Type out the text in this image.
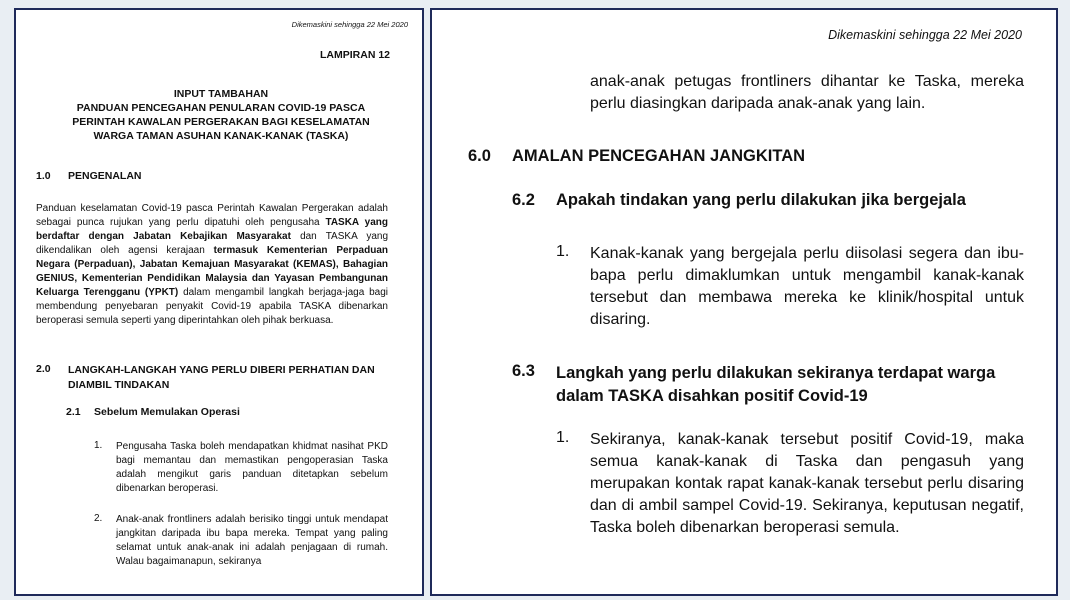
Dikemaskini sehingga 22 Mei 2020

LAMPIRAN 12

INPUT TAMBAHAN
PANDUAN PENCEGAHAN PENULARAN COVID-19 PASCA
PERINTAH KAWALAN PERGERAKAN BAGI KESELAMATAN
WARGA TAMAN ASUHAN KANAK-KANAK (TASKA)

1.0 PENGENALAN

Panduan keselamatan Covid-19 pasca Perintah Kawalan Pergerakan adalah sebagai punca rujukan yang perlu dipatuhi oleh pengusaha TASKA yang berdaftar dengan Jabatan Kebajikan Masyarakat dan TASKA yang dikendalikan oleh agensi kerajaan termasuk Kementerian Perpaduan Negara (Perpaduan), Jabatan Kemajuan Masyarakat (KEMAS), Bahagian GENIUS, Kementerian Pendidikan Malaysia dan Yayasan Pembangunan Keluarga Terengganu (YPKT) dalam mengambil langkah berjaga-jaga bagi membendung penyebaran penyakit Covid-19 apabila TASKA dibenarkan beroperasi semula seperti yang diperintahkan oleh pihak berkuasa.

2.0 LANGKAH-LANGKAH YANG PERLU DIBERI PERHATIAN DAN DIAMBIL TINDAKAN

2.1 Sebelum Memulakan Operasi

1. Pengusaha Taska boleh mendapatkan khidmat nasihat PKD bagi memantau dan memastikan pengoperasian Taska adalah mengikut garis panduan ditetapkan sebelum dibenarkan beroperasi.

2. Anak-anak frontliners adalah berisiko tinggi untuk mendapat jangkitan daripada ibu bapa mereka. Tempat yang paling selamat untuk anak-anak ini adalah penjagaan di rumah. Walau bagaimanapun, sekiranya

Dikemaskini sehingga 22 Mei 2020

anak-anak petugas frontliners dihantar ke Taska, mereka perlu diasingkan daripada anak-anak yang lain.

6.0 AMALAN PENCEGAHAN JANGKITAN

6.2 Apakah tindakan yang perlu dilakukan jika bergejala

1. Kanak-kanak yang bergejala perlu diisolasi segera dan ibu-bapa perlu dimaklumkan untuk mengambil kanak-kanak tersebut dan membawa mereka ke klinik/hospital untuk disaring.

6.3 Langkah yang perlu dilakukan sekiranya terdapat warga dalam TASKA disahkan positif Covid-19

1. Sekiranya, kanak-kanak tersebut positif Covid-19, maka semua kanak-kanak di Taska dan pengasuh yang merupakan kontak rapat kanak-kanak tersebut perlu disaring dan di ambil sampel Covid-19. Sekiranya, keputusan negatif, Taska boleh dibenarkan beroperasi semula.
